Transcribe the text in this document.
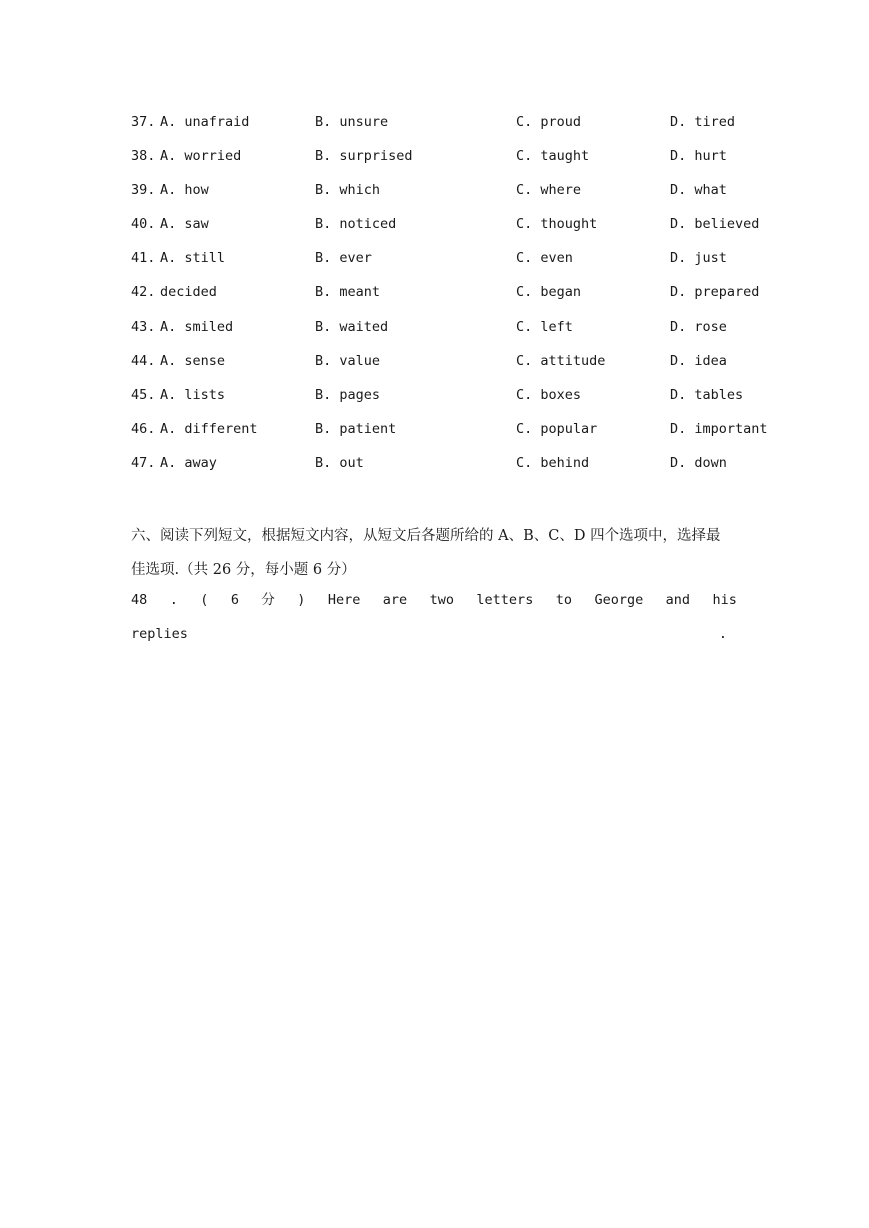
37. A. unafraid	B. unsure	C. proud	D. tired
38. A. worried	B. surprised	C. taught	D. hurt
39. A. how	B. which	C. where	D. what
40. A. saw	B. noticed	C. thought	D. believed
41. A. still	B. ever	C. even	D. just
42. decided	B. meant	C. began	D. prepared
43. A. smiled	B. waited	C. left	D. rose
44. A. sense	B. value	C. attitude	D. idea
45. A. lists	B. pages	C. boxes	D. tables
46. A. different	B. patient	C. popular	D. important
47. A. away	B. out	C. behind	D. down
六、阅读下列短文，根据短文内容，从短文后各题所给的 A、B、C、D 四个选项中，选择最
佳选项.（共 26 分，每小题 6 分）
48 . ( 6 分 ) Here are two letters to George and his
replies	.
